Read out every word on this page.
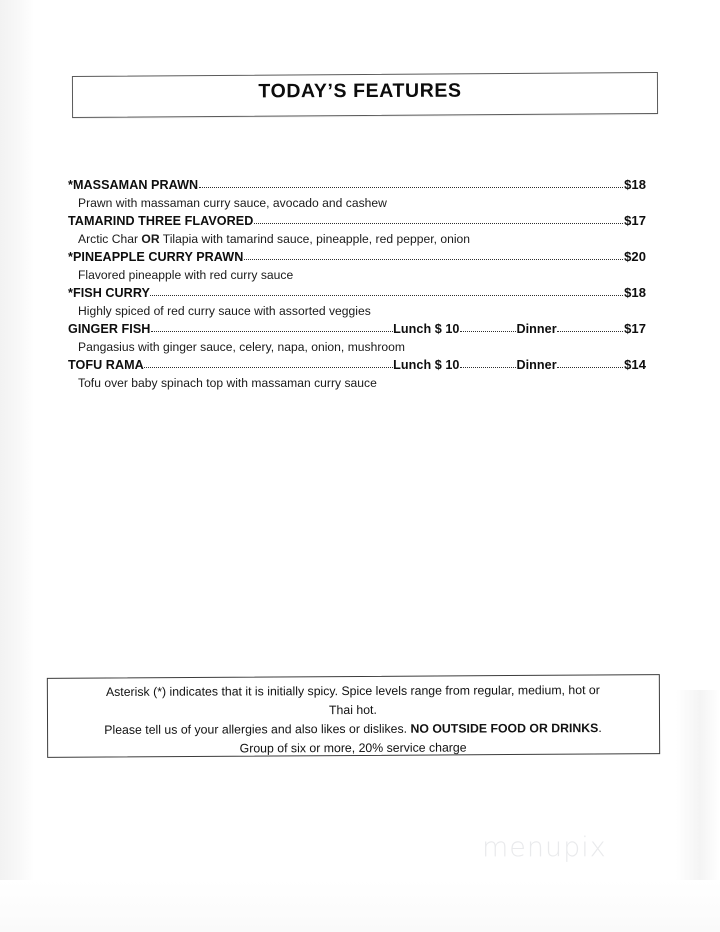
TODAY’S FEATURES
*MASSAMAN PRAWN	$18
Prawn with massaman curry sauce, avocado and cashew
TAMARIND THREE FLAVORED	$17
Arctic Char OR Tilapia with tamarind sauce, pineapple, red pepper, onion
*PINEAPPLE CURRY PRAWN	$20
Flavored pineapple with red curry sauce
*FISH CURRY	$18
Highly spiced of red curry sauce with assorted veggies
GINGER FISH	Lunch $ 10	Dinner	$17
Pangasius with ginger sauce, celery, napa, onion, mushroom
TOFU RAMA	Lunch $ 10	Dinner	$14
Tofu over baby spinach top with massaman curry sauce
Asterisk (*) indicates that it is initially spicy. Spice levels range from regular, medium, hot or
Thai hot.
Please tell us of your allergies and also likes or dislikes. NO OUTSIDE FOOD OR DRINKS.
Group of six or more, 20% service charge
menupix
